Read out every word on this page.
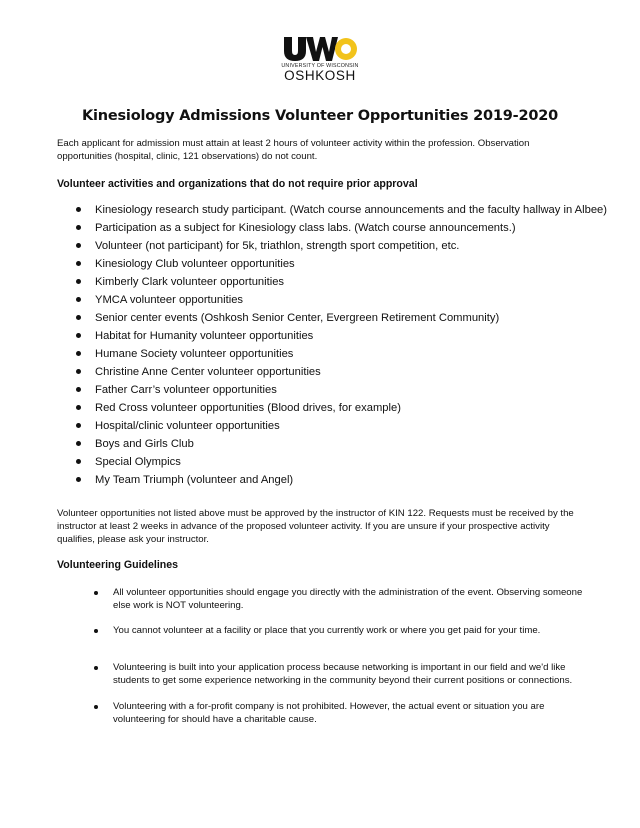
UNIVERSITY OF WISCONSIN
OSHKOSH
Kinesiology Admissions Volunteer Opportunities 2019-2020
Each applicant for admission must attain at least 2 hours of volunteer activity within the profession. Observation opportunities (hospital, clinic, 121 observations) do not count.
Volunteer activities and organizations that do not require prior approval
Kinesiology research study participant. (Watch course announcements and the faculty hallway in Albee)
Participation as a subject for Kinesiology class labs. (Watch course announcements.)
Volunteer (not participant) for 5k, triathlon, strength sport competition, etc.
Kinesiology Club volunteer opportunities
Kimberly Clark volunteer opportunities
YMCA volunteer opportunities
Senior center events (Oshkosh Senior Center, Evergreen Retirement Community)
Habitat for Humanity volunteer opportunities
Humane Society volunteer opportunities
Christine Anne Center volunteer opportunities
Father Carr’s volunteer opportunities
Red Cross volunteer opportunities (Blood drives, for example)
Hospital/clinic volunteer opportunities
Boys and Girls Club
Special Olympics
My Team Triumph (volunteer and Angel)
Volunteer opportunities not listed above must be approved by the instructor of KIN 122. Requests must be received by the instructor at least 2 weeks in advance of the proposed volunteer activity. If you are unsure if your prospective activity qualifies, please ask your instructor.
Volunteering Guidelines
All volunteer opportunities should engage you directly with the administration of the event. Observing someone else work is NOT volunteering.
You cannot volunteer at a facility or place that you currently work or where you get paid for your time.
Volunteering is built into your application process because networking is important in our field and we'd like students to get some experience networking in the community beyond their current positions or connections.
Volunteering with a for-profit company is not prohibited. However, the actual event or situation you are volunteering for should have a charitable cause.
